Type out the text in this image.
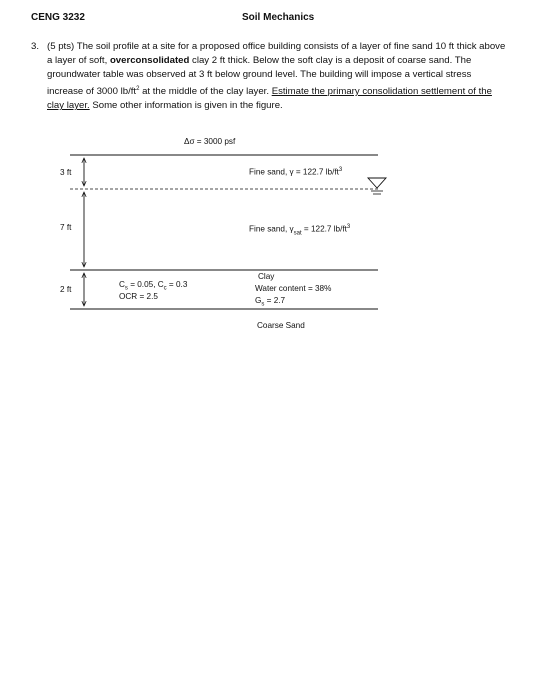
CENG 3232	Soil Mechanics
3. (5 pts) The soil profile at a site for a proposed office building consists of a layer of fine sand 10 ft thick above a layer of soft, overconsolidated clay 2 ft thick. Below the soft clay is a deposit of coarse sand. The groundwater table was observed at 3 ft below ground level. The building will impose a vertical stress increase of 3000 $lb/ft^2$ at the middle of the clay layer. Estimate the primary consolidation settlement of the clay layer. Some other information is given in the figure.
Δσ = 3000 psf
3 ft
7 ft
2 ft
Fine sand, γ = 122.7 $lb/ft^3$
Fine sand, $\gamma_{sat} = 122.7$ $lb/ft^3$
$C_s = 0.05$, $C_c = 0.3$
OCR = 2.5
Clay
Water content = 38%
$G_s = 2.7$
Coarse Sand
